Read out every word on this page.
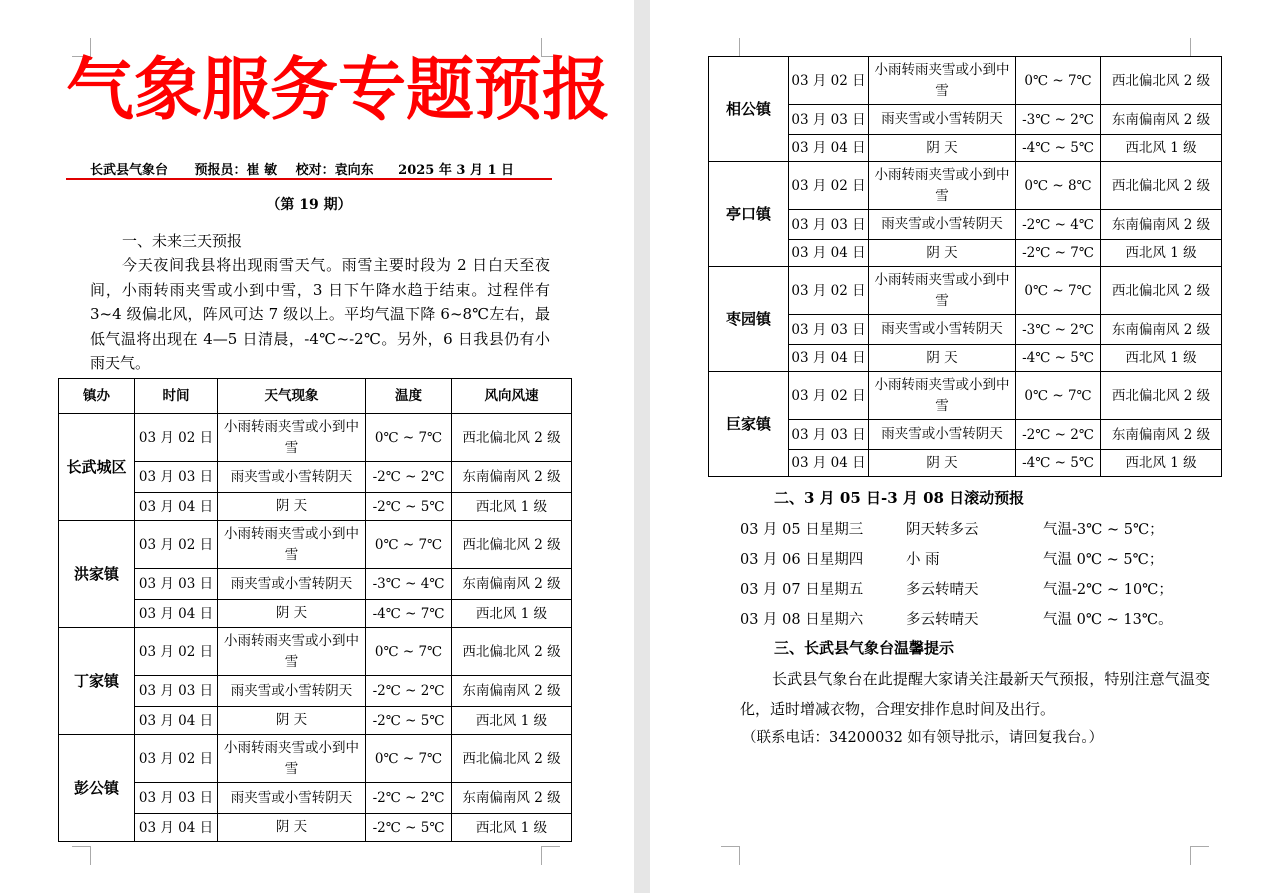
气象服务专题预报
长武县气象台 预报员：崔 敏 校对：袁向东 2025 年 3 月 1 日
（第 19 期）
一、未来三天预报
今天夜间我县将出现雨雪天气。雨雪主要时段为 2 日白天至夜间，小雨转雨夹雪或小到中雪，3 日下午降水趋于结束。过程伴有 3~4 级偏北风，阵风可达 7 级以上。平均气温下降 6~8℃左右，最低气温将出现在 4—5 日清晨，-4℃~-2℃。另外，6 日我县仍有小雨天气。
镇办	时间	天气现象	温度	风向风速
长武城区	03 月 02 日	小雨转雨夹雪或小到中雪	0℃ ~ 7℃	西北偏北风 2 级
	03 月 03 日	雨夹雪或小雪转阴天	-2℃ ~ 2℃	东南偏南风 2 级
	03 月 04 日	阴 天	-2℃ ~ 5℃	西北风 1 级
洪家镇	03 月 02 日	小雨转雨夹雪或小到中雪	0℃ ~ 7℃	西北偏北风 2 级
	03 月 03 日	雨夹雪或小雪转阴天	-3℃ ~ 4℃	东南偏南风 2 级
	03 月 04 日	阴 天	-4℃ ~ 7℃	西北风 1 级
丁家镇	03 月 02 日	小雨转雨夹雪或小到中雪	0℃ ~ 7℃	西北偏北风 2 级
	03 月 03 日	雨夹雪或小雪转阴天	-2℃ ~ 2℃	东南偏南风 2 级
	03 月 04 日	阴 天	-2℃ ~ 5℃	西北风 1 级
彭公镇	03 月 02 日	小雨转雨夹雪或小到中雪	0℃ ~ 7℃	西北偏北风 2 级
	03 月 03 日	雨夹雪或小雪转阴天	-2℃ ~ 2℃	东南偏南风 2 级
	03 月 04 日	阴 天	-2℃ ~ 5℃	西北风 1 级
相公镇	03 月 02 日	小雨转雨夹雪或小到中雪	0℃ ~ 7℃	西北偏北风 2 级
	03 月 03 日	雨夹雪或小雪转阴天	-3℃ ~ 2℃	东南偏南风 2 级
	03 月 04 日	阴 天	-4℃ ~ 5℃	西北风 1 级
亭口镇	03 月 02 日	小雨转雨夹雪或小到中雪	0℃ ~ 8℃	西北偏北风 2 级
	03 月 03 日	雨夹雪或小雪转阴天	-2℃ ~ 4℃	东南偏南风 2 级
	03 月 04 日	阴 天	-2℃ ~ 7℃	西北风 1 级
枣园镇	03 月 02 日	小雨转雨夹雪或小到中雪	0℃ ~ 7℃	西北偏北风 2 级
	03 月 03 日	雨夹雪或小雪转阴天	-3℃ ~ 2℃	东南偏南风 2 级
	03 月 04 日	阴 天	-4℃ ~ 5℃	西北风 1 级
巨家镇	03 月 02 日	小雨转雨夹雪或小到中雪	0℃ ~ 7℃	西北偏北风 2 级
	03 月 03 日	雨夹雪或小雪转阴天	-2℃ ~ 2℃	东南偏南风 2 级
	03 月 04 日	阴 天	-4℃ ~ 5℃	西北风 1 级
二、3 月 05 日-3 月 08 日滚动预报
03 月 05 日星期三	阴天转多云	气温-3℃ ~ 5℃；
03 月 06 日星期四	小 雨	气温 0℃ ~ 5℃；
03 月 07 日星期五	多云转晴天	气温-2℃ ~ 10℃；
03 月 08 日星期六	多云转晴天	气温 0℃ ~ 13℃。
三、长武县气象台温馨提示
长武县气象台在此提醒大家请关注最新天气预报，特别注意气温变化，适时增减衣物，合理安排作息时间及出行。
（联系电话：34200032 如有领导批示，请回复我台。）
